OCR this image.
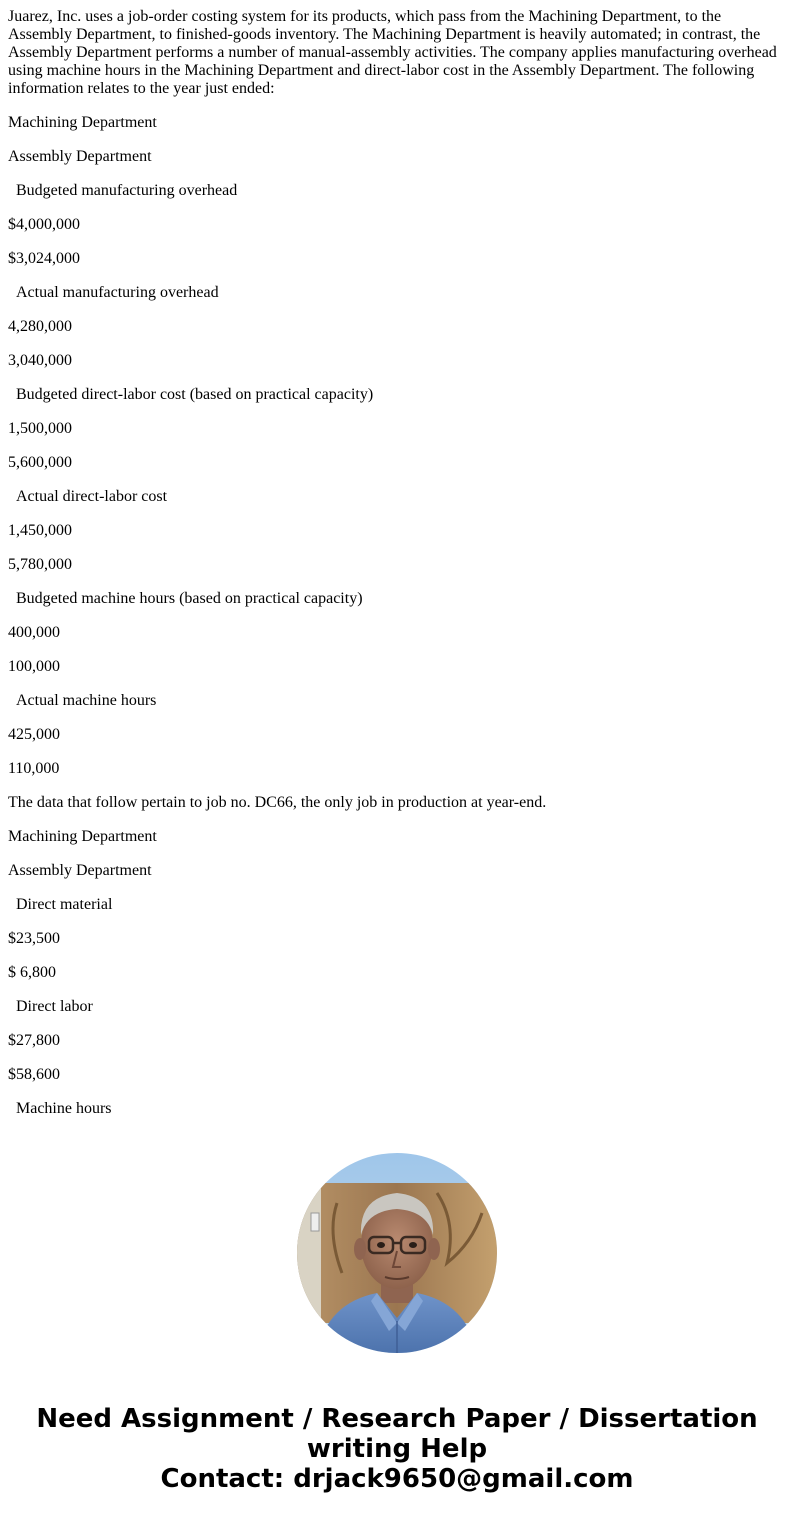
Juarez, Inc. uses a job-order costing system for its products, which pass from the Machining Department, to the Assembly Department, to finished-goods inventory. The Machining Department is heavily automated; in contrast, the Assembly Department performs a number of manual-assembly activities. The company applies manufacturing overhead using machine hours in the Machining Department and direct-labor cost in the Assembly Department. The following information relates to the year just ended:

Machining Department

Assembly Department

Budgeted manufacturing overhead

$4,000,000

$3,024,000

Actual manufacturing overhead

4,280,000

3,040,000

Budgeted direct-labor cost (based on practical capacity)

1,500,000

5,600,000

Actual direct-labor cost

1,450,000

5,780,000

Budgeted machine hours (based on practical capacity)

400,000

100,000

Actual machine hours

425,000

110,000

The data that follow pertain to job no. DC66, the only job in production at year-end.

Machining Department

Assembly Department

Direct material

$23,500

$ 6,800

Direct labor

$27,800

$58,600

Machine hours

Need Assignment / Research Paper / Dissertation
writing Help
Contact: drjack9650@gmail.com
